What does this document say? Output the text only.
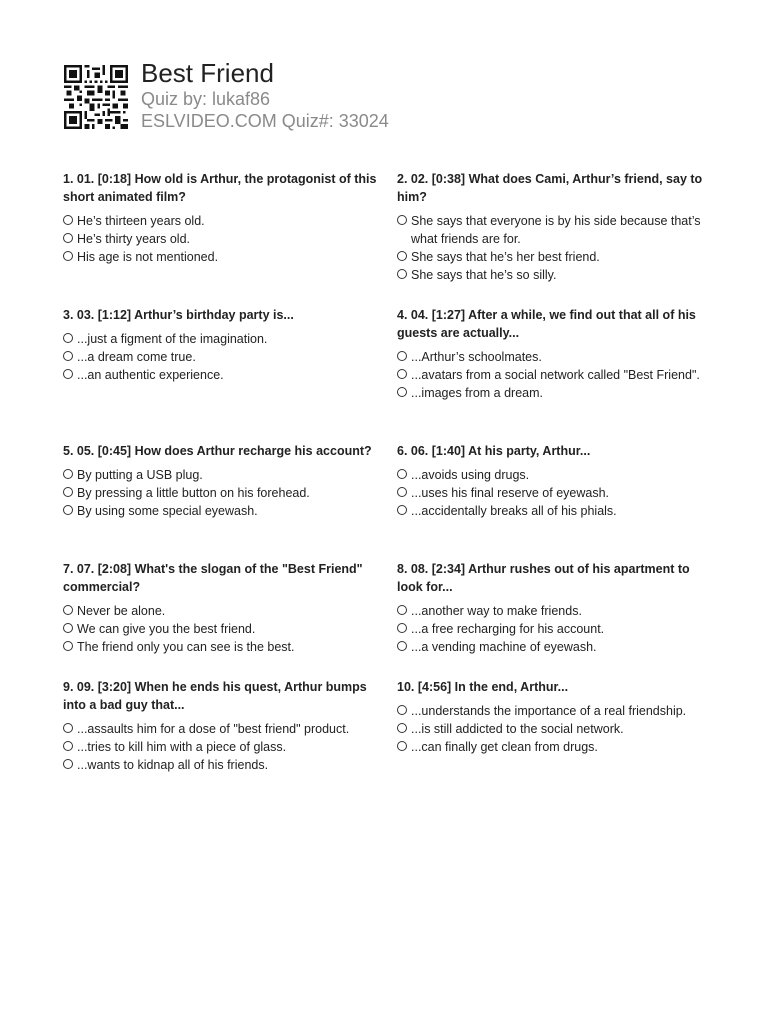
Best Friend
Quiz by: lukaf86
ESLVIDEO.COM Quiz#: 33024
1. 01. [0:18] How old is Arthur, the protagonist of this short animated film?
He’s thirteen years old.
He’s thirty years old.
His age is not mentioned.
2. 02. [0:38] What does Cami, Arthur’s friend, say to him?
She says that everyone is by his side because that’s what friends are for.
She says that he’s her best friend.
She says that he’s so silly.
3. 03. [1:12] Arthur’s birthday party is...
...just a figment of the imagination.
...a dream come true.
...an authentic experience.
4. 04. [1:27] After a while, we find out that all of his guests are actually...
...Arthur’s schoolmates.
...avatars from a social network called "Best Friend".
...images from a dream.
5. 05. [0:45] How does Arthur recharge his account?
By putting a USB plug.
By pressing a little button on his forehead.
By using some special eyewash.
6. 06. [1:40] At his party, Arthur...
...avoids using drugs.
...uses his final reserve of eyewash.
...accidentally breaks all of his phials.
7. 07. [2:08] What's the slogan of the "Best Friend" commercial?
Never be alone.
We can give you the best friend.
The friend only you can see is the best.
8. 08. [2:34] Arthur rushes out of his apartment to look for...
...another way to make friends.
...a free recharging for his account.
...a vending machine of eyewash.
9. 09. [3:20] When he ends his quest, Arthur bumps into a bad guy that...
...assaults him for a dose of "best friend" product.
...tries to kill him with a piece of glass.
...wants to kidnap all of his friends.
10. [4:56] In the end, Arthur...
...understands the importance of a real friendship.
...is still addicted to the social network.
...can finally get clean from drugs.
